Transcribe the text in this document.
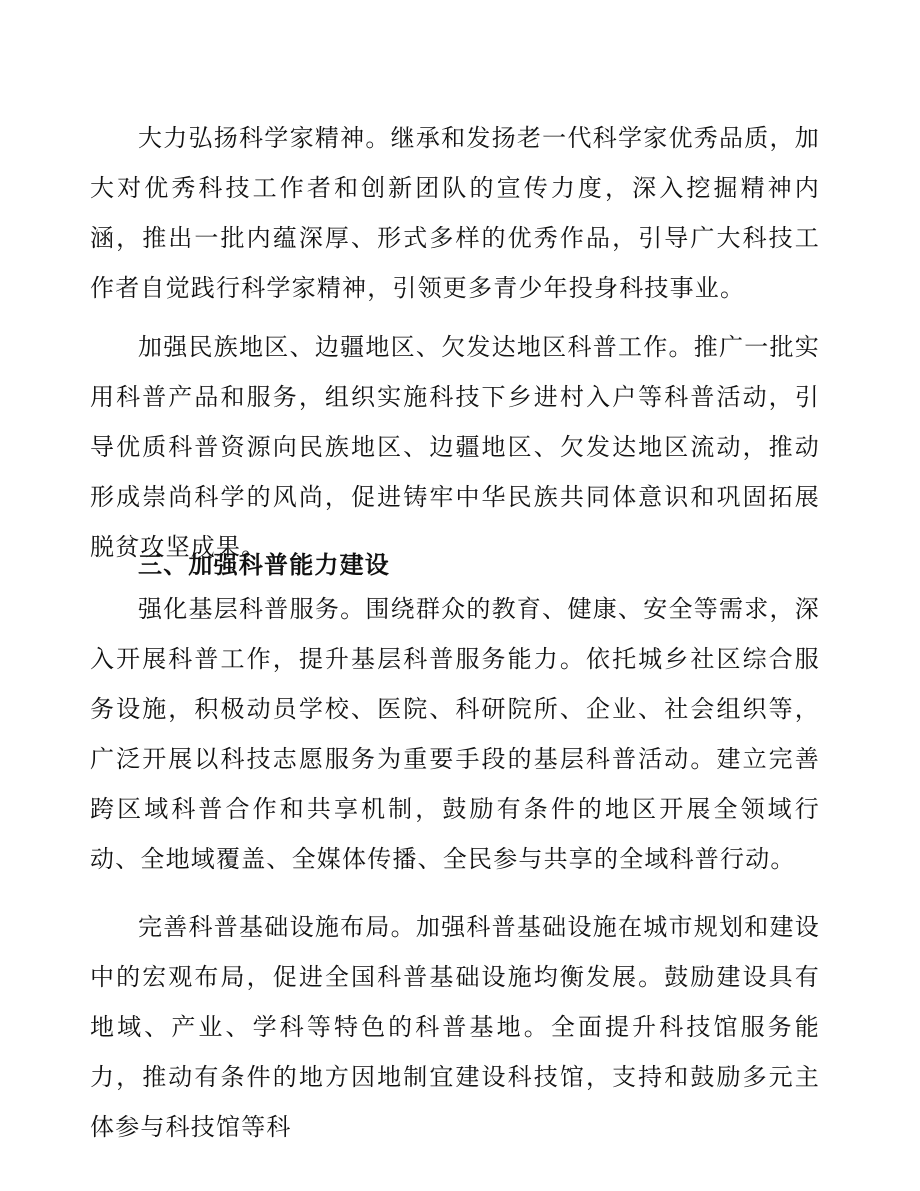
大力弘扬科学家精神。继承和发扬老一代科学家优秀品质，加大对优秀科技工作者和创新团队的宣传力度，深入挖掘精神内涵，推出一批内蕴深厚、形式多样的优秀作品，引导广大科技工作者自觉践行科学家精神，引领更多青少年投身科技事业。

加强民族地区、边疆地区、欠发达地区科普工作。推广一批实用科普产品和服务，组织实施科技下乡进村入户等科普活动，引导优质科普资源向民族地区、边疆地区、欠发达地区流动，推动形成崇尚科学的风尚，促进铸牢中华民族共同体意识和巩固拓展脱贫攻坚成果。

三、加强科普能力建设

强化基层科普服务。围绕群众的教育、健康、安全等需求，深入开展科普工作，提升基层科普服务能力。依托城乡社区综合服务设施，积极动员学校、医院、科研院所、企业、社会组织等，广泛开展以科技志愿服务为重要手段的基层科普活动。建立完善跨区域科普合作和共享机制，鼓励有条件的地区开展全领域行动、全地域覆盖、全媒体传播、全民参与共享的全域科普行动。

完善科普基础设施布局。加强科普基础设施在城市规划和建设中的宏观布局，促进全国科普基础设施均衡发展。鼓励建设具有地域、产业、学科等特色的科普基地。全面提升科技馆服务能力，推动有条件的地方因地制宜建设科技馆，支持和鼓励多元主体参与科技馆等科
